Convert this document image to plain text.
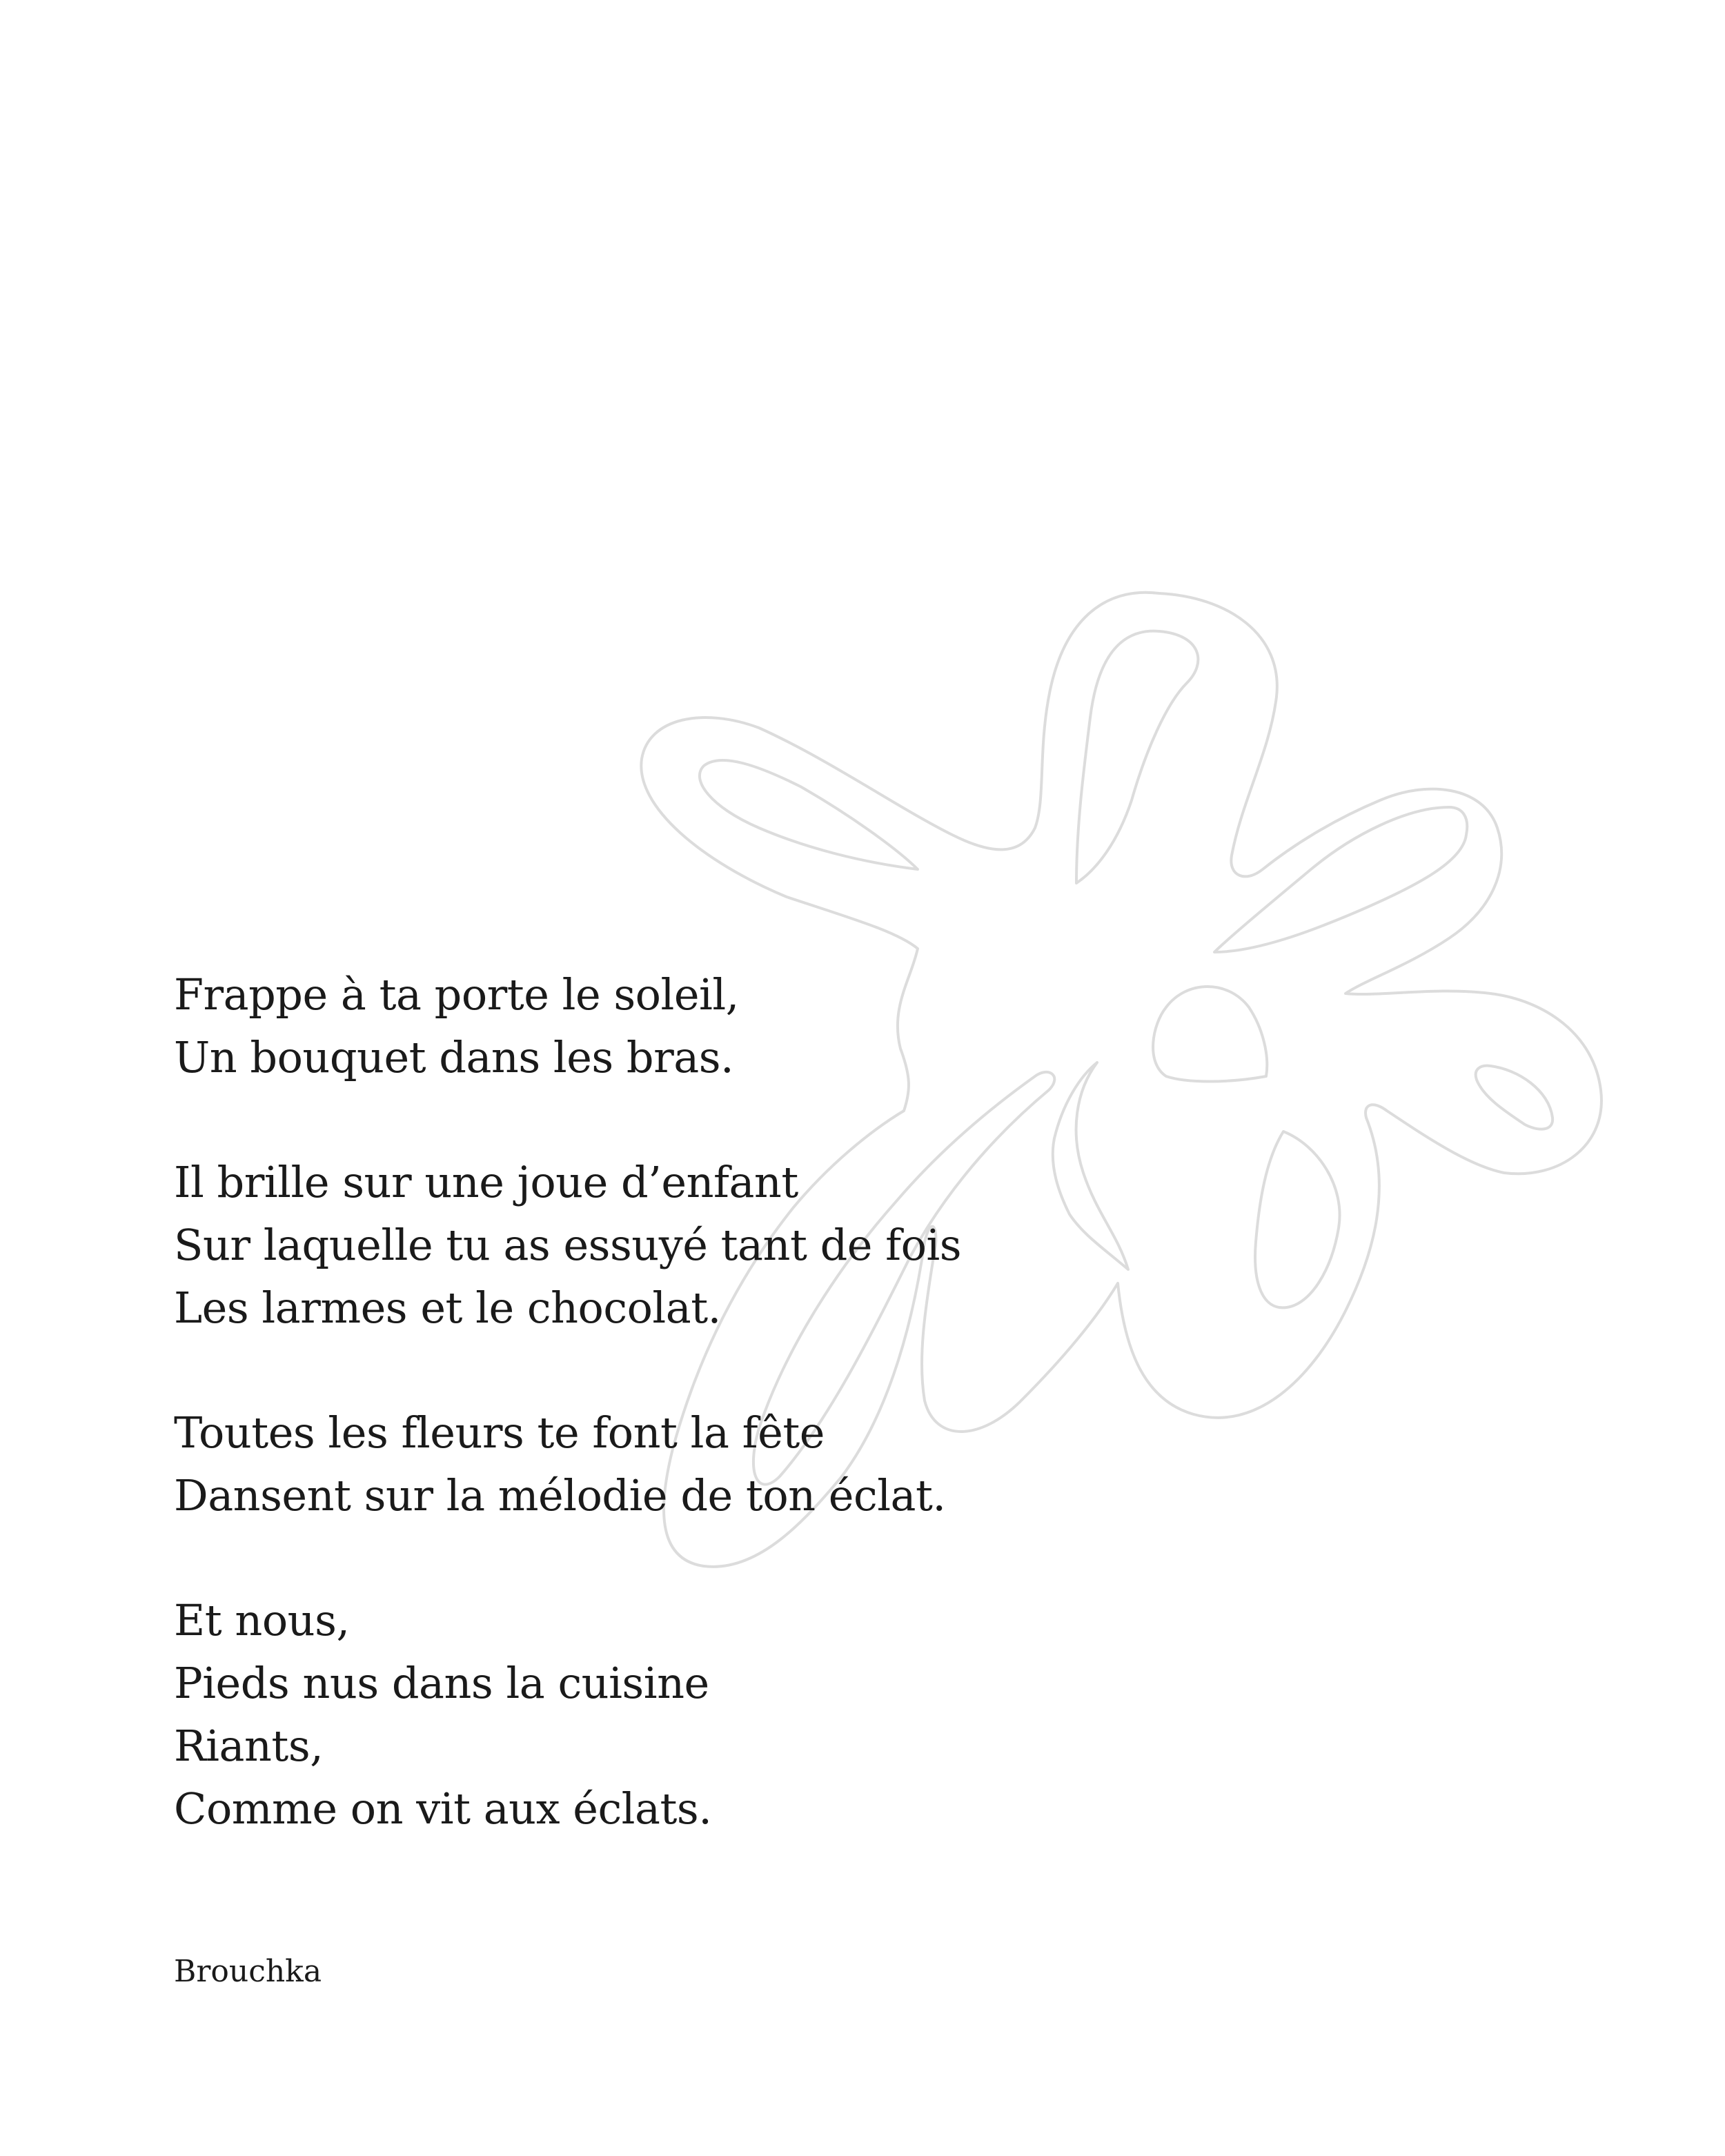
Frappe à ta porte le soleil,
Un bouquet dans les bras.
Il brille sur une joue d’enfant
Sur laquelle tu as essuyé tant de fois
Les larmes et le chocolat.
Toutes les fleurs te font la fête
Dansent sur la mélodie de ton éclat.
Et nous,
Pieds nus dans la cuisine
Riants,
Comme on vit aux éclats.
Brouchka
